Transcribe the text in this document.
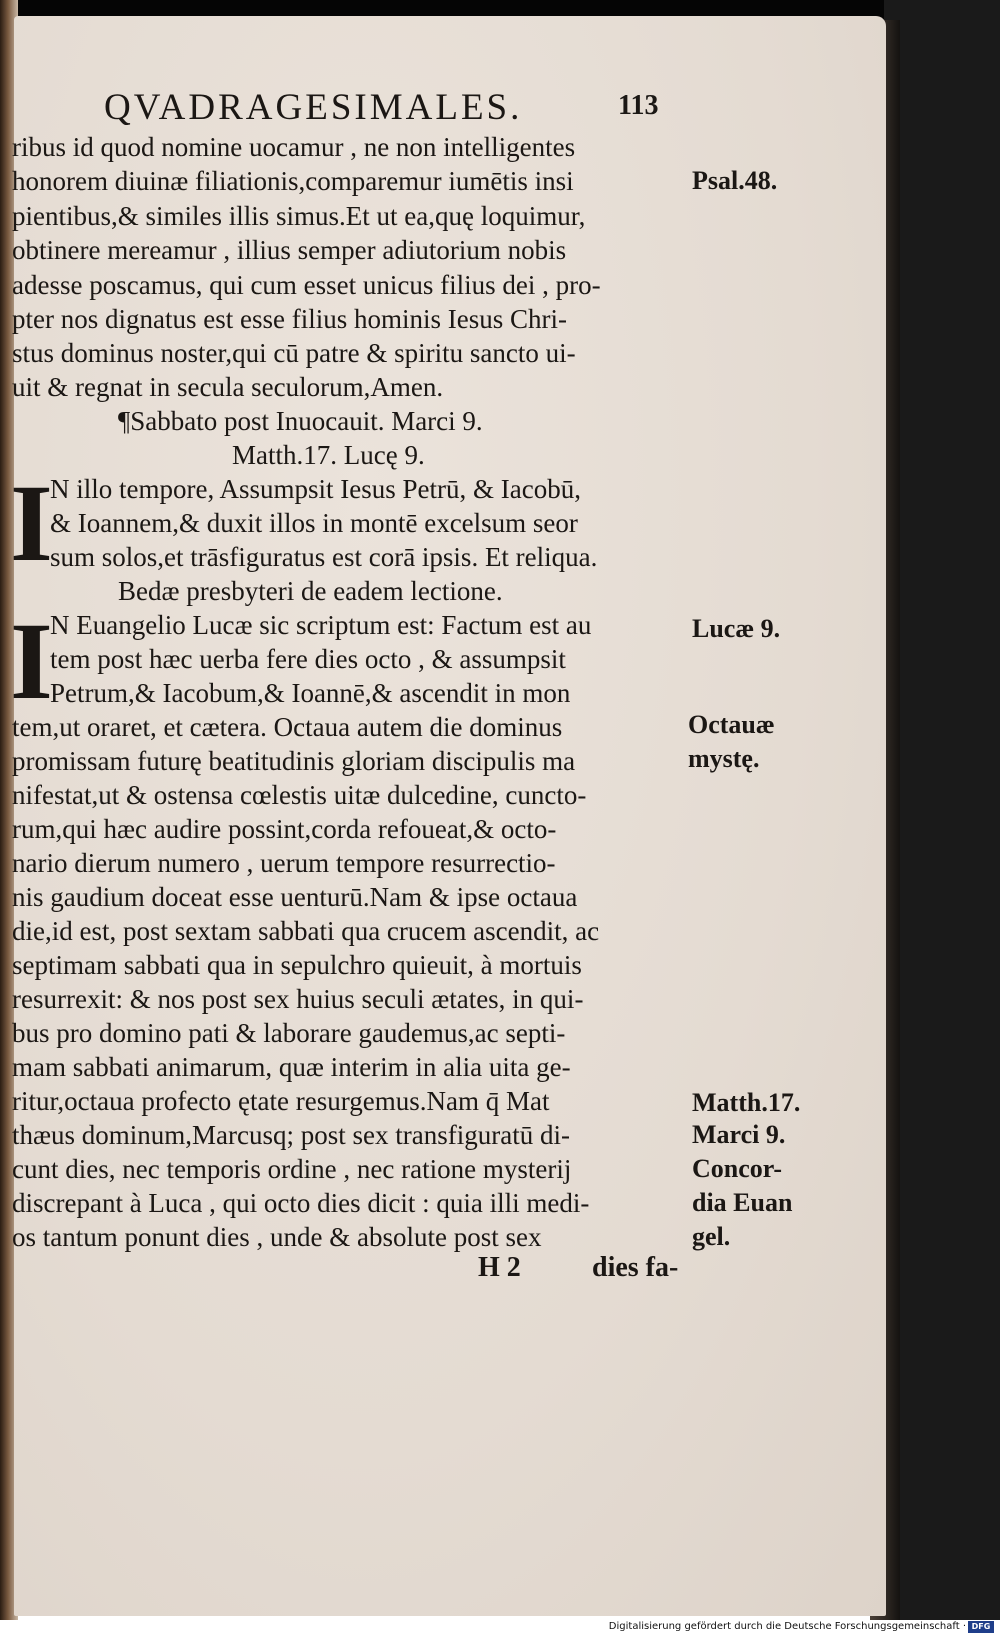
QVADRAGESIMALES.	113
ribus id quod nomine uocamur , ne non intelligentes
honorem diuinæ filiationis,comparemur iumētis insi
pientibus,& similes illis simus.Et ut ea,quę loquimur,
obtinere mereamur , illius semper adiutorium nobis
adesse poscamus, qui cum esset unicus filius dei , pro-
pter nos dignatus est esse filius hominis Iesus Chri-
stus dominus noster,qui cū patre & spiritu sancto ui-
uit & regnat in secula seculorum,Amen.
¶Sabbato post Inuocauit. Marci 9.
Matth.17. Lucę 9.
I
N illo tempore, Assumpsit Iesus Petrū, & Iacobū,
& Ioannem,& duxit illos in montē excelsum seor
sum solos,et trāsfiguratus est corā ipsis. Et reliqua.
Bedæ presbyteri de eadem lectione.
I
N Euangelio Lucæ sic scriptum est: Factum est au
tem post hæc uerba fere dies octo , & assumpsit
Petrum,& Iacobum,& Ioannē,& ascendit in mon
tem,ut oraret, et cætera. Octaua autem die dominus
promissam futurę beatitudinis gloriam discipulis ma
nifestat,ut & ostensa cœlestis uitæ dulcedine, cuncto-
rum,qui hæc audire possint,corda refoueat,& octo-
nario dierum numero , uerum tempore resurrectio-
nis gaudium doceat esse uenturū.Nam & ipse octaua
die,id est, post sextam sabbati qua crucem ascendit, ac
septimam sabbati qua in sepulchro quieuit, à mortuis
resurrexit: & nos post sex huius seculi ætates, in qui-
bus pro domino pati & laborare gaudemus,ac septi-
mam sabbati animarum, quæ interim in alia uita ge-
ritur,octaua profecto ętate resurgemus.Nam q̄ Mat
thæus dominum,Marcusq; post sex transfiguratū di-
cunt dies, nec temporis ordine , nec ratione mysterij
discrepant à Luca , qui octo dies dicit : quia illi medi-
os tantum ponunt dies , unde & absolute post sex
Psal.48.
Lucæ 9.
Octauæ
mystę.
Matth.17.
Marci 9.
Concor-
dia Euan
gel.
H 2	dies fa-
Digitalisierung gefördert durch die Deutsche Forschungsgemeinschaft · DFG
